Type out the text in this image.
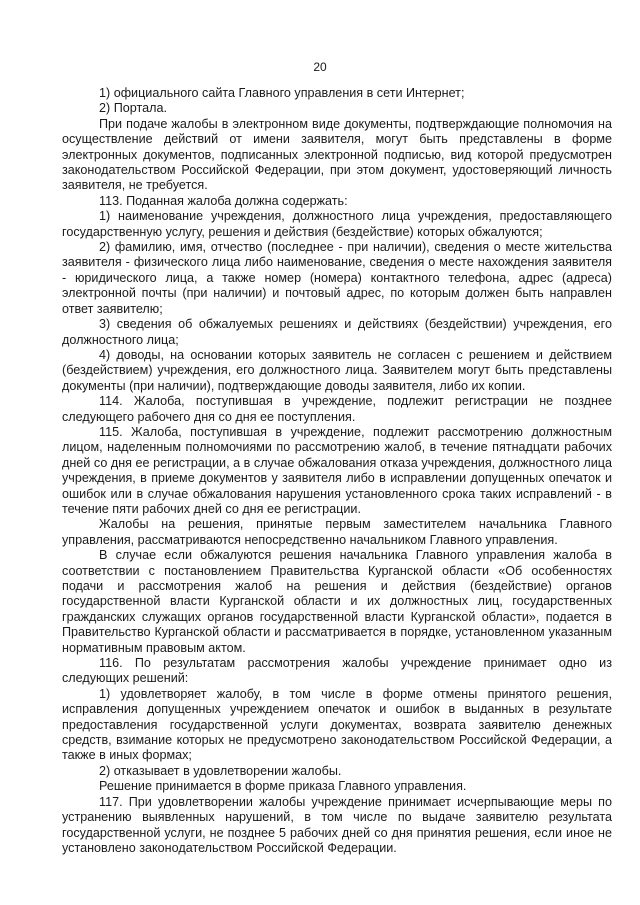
20

1) официального сайта Главного управления в сети Интернет;

2) Портала.

При подаче жалобы в электронном виде документы, подтверждающие полномочия на осуществление действий от имени заявителя, могут быть представлены в форме электронных документов, подписанных электронной подписью, вид которой предусмотрен законодательством Российской Федерации, при этом документ, удостоверяющий личность заявителя, не требуется.

113. Поданная жалоба должна содержать:

1) наименование учреждения, должностного лица учреждения, предоставляющего государственную услугу, решения и действия (бездействие) которых обжалуются;

2) фамилию, имя, отчество (последнее - при наличии), сведения о месте жительства заявителя - физического лица либо наименование, сведения о месте нахождения заявителя - юридического лица, а также номер (номера) контактного телефона, адрес (адреса) электронной почты (при наличии) и почтовый адрес, по которым должен быть направлен ответ заявителю;

3) сведения об обжалуемых решениях и действиях (бездействии) учреждения, его должностного лица;

4) доводы, на основании которых заявитель не согласен с решением и действием (бездействием) учреждения, его должностного лица. Заявителем могут быть представлены документы (при наличии), подтверждающие доводы заявителя, либо их копии.

114. Жалоба, поступившая в учреждение, подлежит регистрации не позднее следующего рабочего дня со дня ее поступления.

115. Жалоба, поступившая в учреждение, подлежит рассмотрению должностным лицом, наделенным полномочиями по рассмотрению жалоб, в течение пятнадцати рабочих дней со дня ее регистрации, а в случае обжалования отказа учреждения, должностного лица учреждения, в приеме документов у заявителя либо в исправлении допущенных опечаток и ошибок или в случае обжалования нарушения установленного срока таких исправлений - в течение пяти рабочих дней со дня ее регистрации.

Жалобы на решения, принятые первым заместителем начальника Главного управления, рассматриваются непосредственно начальником Главного управления.

В случае если обжалуются решения начальника Главного управления жалоба в соответствии с постановлением Правительства Курганской области «Об особенностях подачи и рассмотрения жалоб на решения и действия (бездействие) органов государственной власти Курганской области и их должностных лиц, государственных гражданских служащих органов государственной власти Курганской области», подается в Правительство Курганской области и рассматривается в порядке, установленном указанным нормативным правовым актом.

116. По результатам рассмотрения жалобы учреждение принимает одно из следующих решений:

1) удовлетворяет жалобу, в том числе в форме отмены принятого решения, исправления допущенных учреждением опечаток и ошибок в выданных в результате предоставления государственной услуги документах, возврата заявителю денежных средств, взимание которых не предусмотрено законодательством Российской Федерации, а также в иных формах;

2) отказывает в удовлетворении жалобы.

Решение принимается в форме приказа Главного управления.

117. При удовлетворении жалобы учреждение принимает исчерпывающие меры по устранению выявленных нарушений, в том числе по выдаче заявителю результата государственной услуги, не позднее 5 рабочих дней со дня принятия решения, если иное не установлено законодательством Российской Федерации.
